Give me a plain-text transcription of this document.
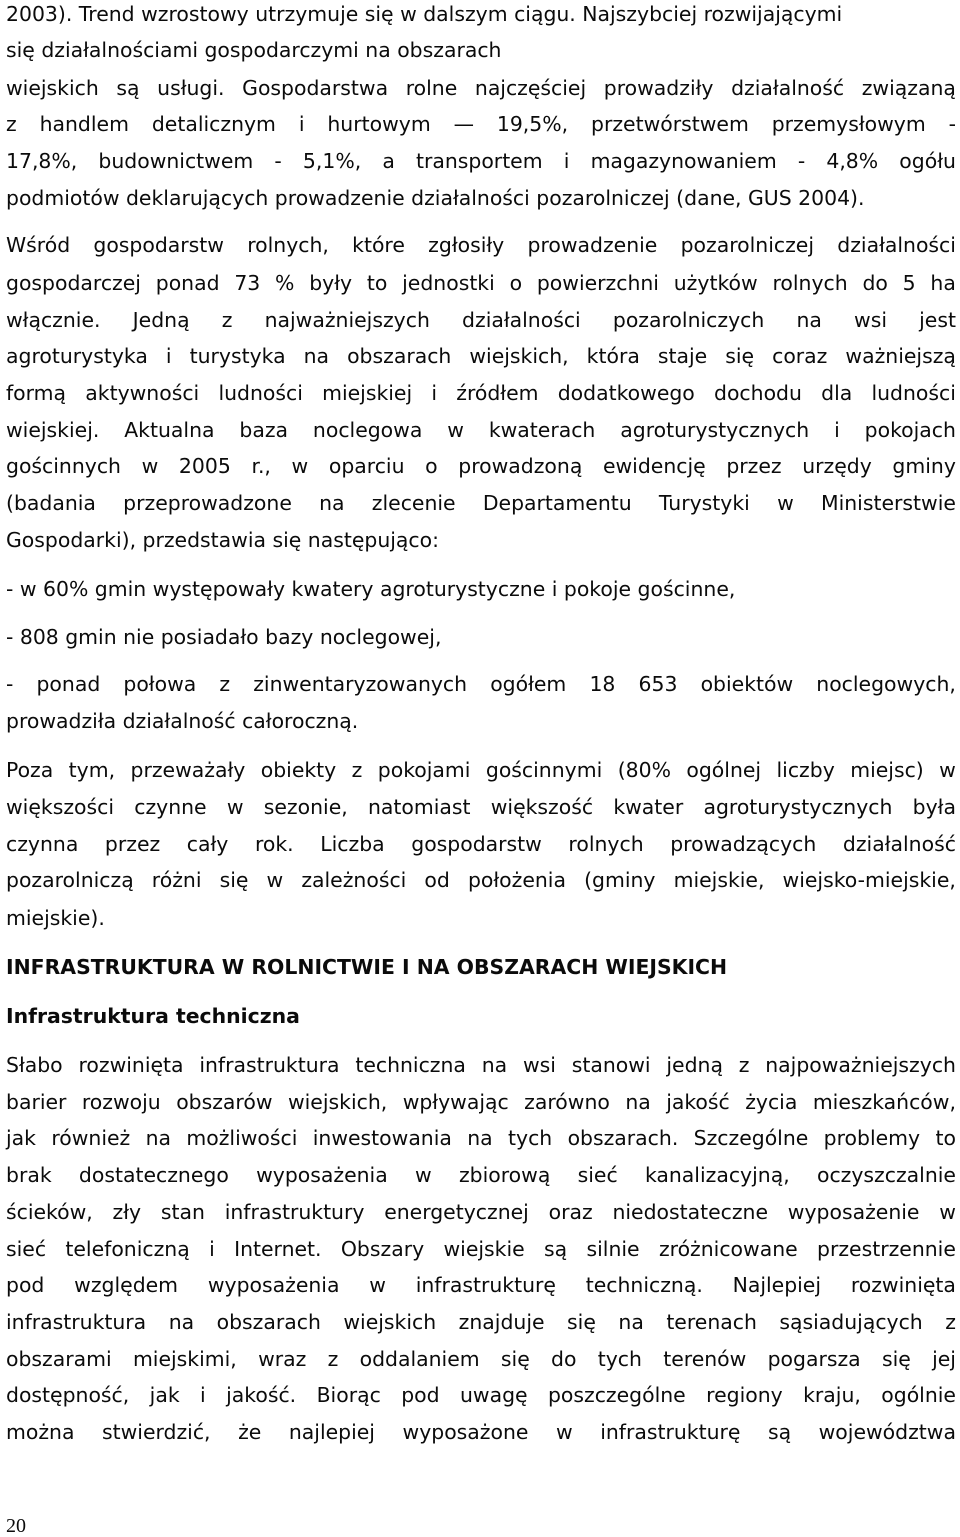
2003). Trend wzrostowy utrzymuje się w dalszym ciągu. Najszybciej rozwijającymi
się działalnościami gospodarczymi na obszarach
wiejskich są usługi. Gospodarstwa rolne najczęściej prowadziły działalność związaną
z handlem detalicznym i hurtowym — 19,5%, przetwórstwem przemysłowym -
17,8%, budownictwem - 5,1%, a transportem i magazynowaniem - 4,8% ogółu
podmiotów deklarujących prowadzenie działalności pozarolniczej (dane, GUS 2004).
Wśród gospodarstw rolnych, które zgłosiły prowadzenie pozarolniczej działalności
gospodarczej ponad 73 % były to jednostki o powierzchni użytków rolnych do 5 ha
włącznie. Jedną z najważniejszych działalności pozarolniczych na wsi jest
agroturystyka i turystyka na obszarach wiejskich, która staje się coraz ważniejszą
formą aktywności ludności miejskiej i źródłem dodatkowego dochodu dla ludności
wiejskiej. Aktualna baza noclegowa w kwaterach agroturystycznych i pokojach
gościnnych w 2005 r., w oparciu o prowadzoną ewidencję przez urzędy gminy
(badania przeprowadzone na zlecenie Departamentu Turystyki w Ministerstwie
Gospodarki), przedstawia się następująco:
- w 60% gmin występowały kwatery agroturystyczne i pokoje gościnne,
- 808 gmin nie posiadało bazy noclegowej,
- ponad połowa z zinwentaryzowanych ogółem 18 653 obiektów noclegowych,
prowadziła działalność całoroczną.
Poza tym, przeważały obiekty z pokojami gościnnymi (80% ogólnej liczby miejsc) w
większości czynne w sezonie, natomiast większość kwater agroturystycznych była
czynna przez cały rok. Liczba gospodarstw rolnych prowadzących działalność
pozarolniczą różni się w zależności od położenia (gminy miejskie, wiejsko-miejskie,
miejskie).
INFRASTRUKTURA W ROLNICTWIE I NA OBSZARACH WIEJSKICH
Infrastruktura techniczna
Słabo rozwinięta infrastruktura techniczna na wsi stanowi jedną z najpoważniejszych
barier rozwoju obszarów wiejskich, wpływając zarówno na jakość życia mieszkańców,
jak również na możliwości inwestowania na tych obszarach. Szczególne problemy to
brak dostatecznego wyposażenia w zbiorową sieć kanalizacyjną, oczyszczalnie
ścieków, zły stan infrastruktury energetycznej oraz niedostateczne wyposażenie w
sieć telefoniczną i Internet. Obszary wiejskie są silnie zróżnicowane przestrzennie
pod względem wyposażenia w infrastrukturę techniczną. Najlepiej rozwinięta
infrastruktura na obszarach wiejskich znajduje się na terenach sąsiadujących z
obszarami miejskimi, wraz z oddalaniem się do tych terenów pogarsza się jej
dostępność, jak i jakość. Biorąc pod uwagę poszczególne regiony kraju, ogólnie
można stwierdzić, że najlepiej wyposażone w infrastrukturę są województwa
20
